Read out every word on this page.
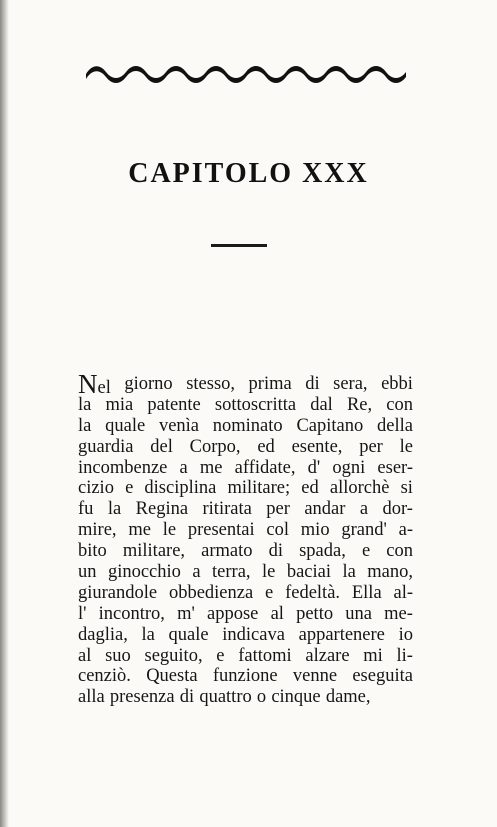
CAPITOLO XXX
Nel giorno stesso, prima di sera, ebbi
la mia patente sottoscritta dal Re, con
la quale venìa nominato Capitano della
guardia del Corpo, ed esente, per le
incombenze a me affidate, d' ogni eser-
cizio e disciplina militare; ed allorchè si
fu la Regina ritirata per andar a dor-
mire, me le presentai col mio grand' a-
bito militare, armato di spada, e con
un ginocchio a terra, le baciai la mano,
giurandole obbedienza e fedeltà. Ella al-
l' incontro, m' appose al petto una me-
daglia, la quale indicava appartenere io
al suo seguito, e fattomi alzare mi li-
cenziò. Questa funzione venne eseguita
alla presenza di quattro o cinque dame,
